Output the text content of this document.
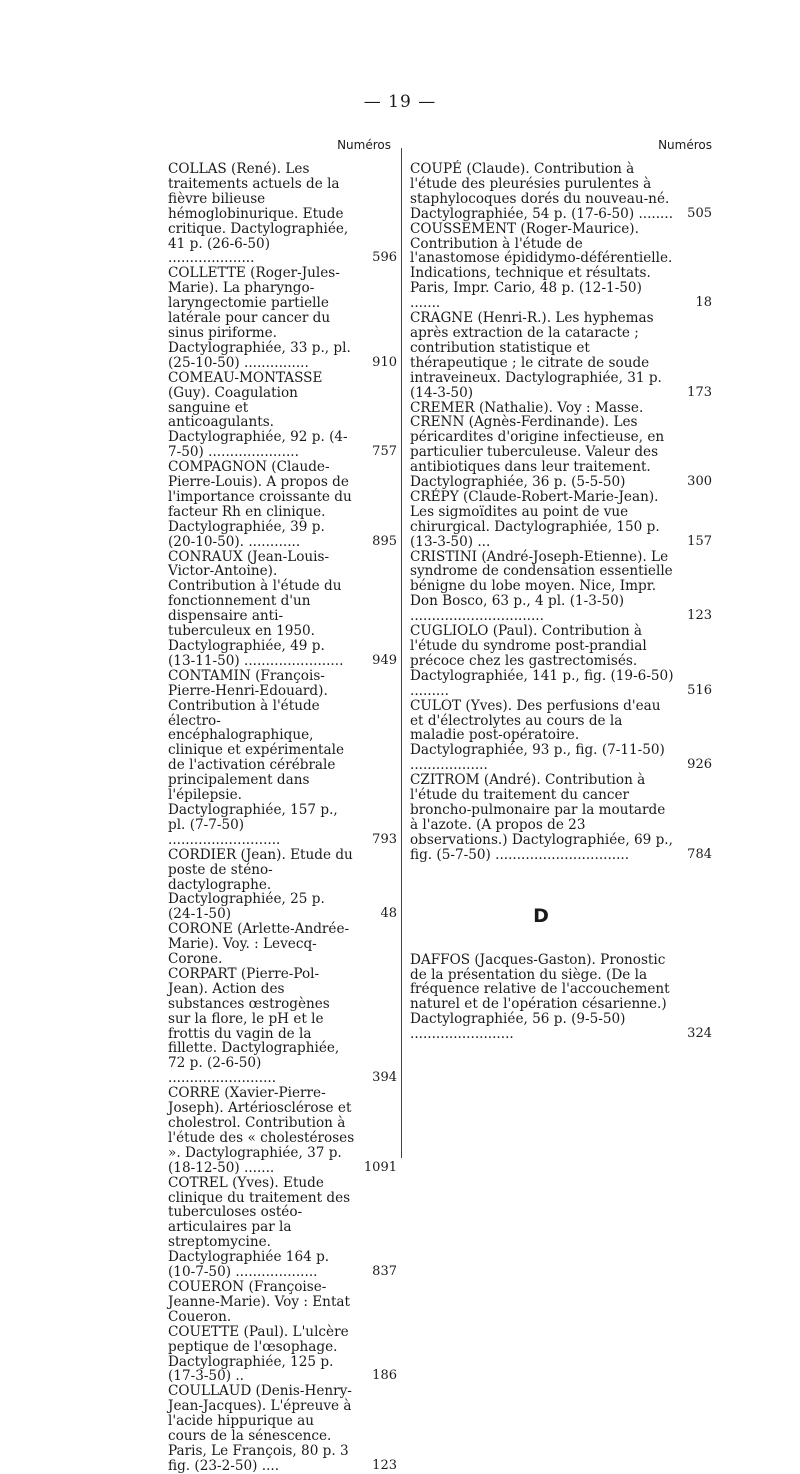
— 19 —
Numéros
COLLAS (René). Les traitements actuels de la fièvre bilieuse hémoglobinurique. Etude critique. Dactylographiée, 41 p. (26-6-50) ....................	596
COLLETTE (Roger-Jules-Marie). La pharyngo-laryngectomie partielle latérale pour cancer du sinus piriforme. Dactylographiée, 33 p., pl. (25-10-50) ...............	910
COMEAU-MONTASSE (Guy). Coagulation sanguine et anticoagulants. Dactylographiée, 92 p. (4-7-50) .....................	757
COMPAGNON (Claude-Pierre-Louis). A propos de l'importance croissante du facteur Rh en clinique. Dactylographiée, 39 p. (20-10-50). ............	895
CONRAUX (Jean-Louis-Victor-Antoine). Contribution à l'étude du fonctionnement d'un dispensaire anti-tuberculeux en 1950. Dactylographiée, 49 p. (13-11-50) .......................	949
CONTAMIN (François-Pierre-Henri-Edouard). Contribution à l'étude électro-encéphalographique, clinique et expérimentale de l'activation cérébrale principalement dans l'épilepsie. Dactylographiée, 157 p., pl. (7-7-50) ..........................	793
CORDIER (Jean). Etude du poste de sténo-dactylographe. Dactylographiée, 25 p. (24-1-50)	48
CORONE (Arlette-Andrée-Marie). Voy. : Levecq-Corone.
CORPART (Pierre-Pol-Jean). Action des substances œstrogènes sur la flore, le pH et le frottis du vagin de la fillette. Dactylographiée, 72 p. (2-6-50) .........................	394
CORRE (Xavier-Pierre-Joseph). Artériosclérose et cholestrol. Contribution à l'étude des « cholestéroses ». Dactylographiée, 37 p. (18-12-50) .......	1091
COTREL (Yves). Etude clinique du traitement des tuberculoses ostéo-articulaires par la streptomycine. Dactylographiée 164 p. (10-7-50) ...................	837
COUERON (Françoise-Jeanne-Marie). Voy : Entat Coueron.
COUETTE (Paul). L'ulcère peptique de l'œsophage. Dactylographiée, 125 p. (17-3-50) ..	186
COULLAUD (Denis-Henry-Jean-Jacques). L'épreuve à l'acide hippurique au cours de la sénescence. Paris, Le François, 80 p. 3 fig. (23-2-50) ....	123
Numéros
COUPÉ (Claude). Contribution à l'étude des pleurésies purulentes à staphylocoques dorés du nouveau-né. Dactylographiée, 54 p. (17-6-50) ........ 505
COUSSEMENT (Roger-Maurice). Contribution à l'étude de l'anastomose épididymo-déférentielle. Indications, technique et résultats. Paris, Impr. Cario, 48 p. (12-1-50) .......	18
CRAGNE (Henri-R.). Les hyphemas après extraction de la cataracte ; contribution statistique et thérapeutique ; le citrate de soude intraveineux. Dactylographiée, 31 p. (14-3-50)	173
CREMER (Nathalie). Voy : Masse.
CRENN (Agnès-Ferdinande). Les péricardites d'origine infectieuse, en particulier tuberculeuse. Valeur des antibiotiques dans leur traitement. Dactylographiée, 36 p. (5-5-50)	300
CRÉPY (Claude-Robert-Marie-Jean). Les sigmoïdites au point de vue chirurgical. Dactylographiée, 150 p. (13-3-50) ...	157
CRISTINI (André-Joseph-Etienne). Le syndrome de condensation essentielle bénigne du lobe moyen. Nice, Impr. Don Bosco, 63 p., 4 pl. (1-3-50) ...............................	123
CUGLIOLO (Paul). Contribution à l'étude du syndrome post-prandial précoce chez les gastrectomisés. Dactylographiée, 141 p., fig. (19-6-50) .........	516
CULOT (Yves). Des perfusions d'eau et d'électrolytes au cours de la maladie post-opératoire. Dactylographiée, 93 p., fig. (7-11-50) ..................	926
CZITROM (André). Contribution à l'étude du traitement du cancer broncho-pulmonaire par la moutarde à l'azote. (A propos de 23 observations.) Dactylographiée, 69 p., fig. (5-7-50) ...............................	784
D
DAFFOS (Jacques-Gaston). Pronostic de la présentation du siège. (De la fréquence relative de l'accouchement naturel et de l'opération césarienne.) Dactylographiée, 56 p. (9-5-50) ........................	324
